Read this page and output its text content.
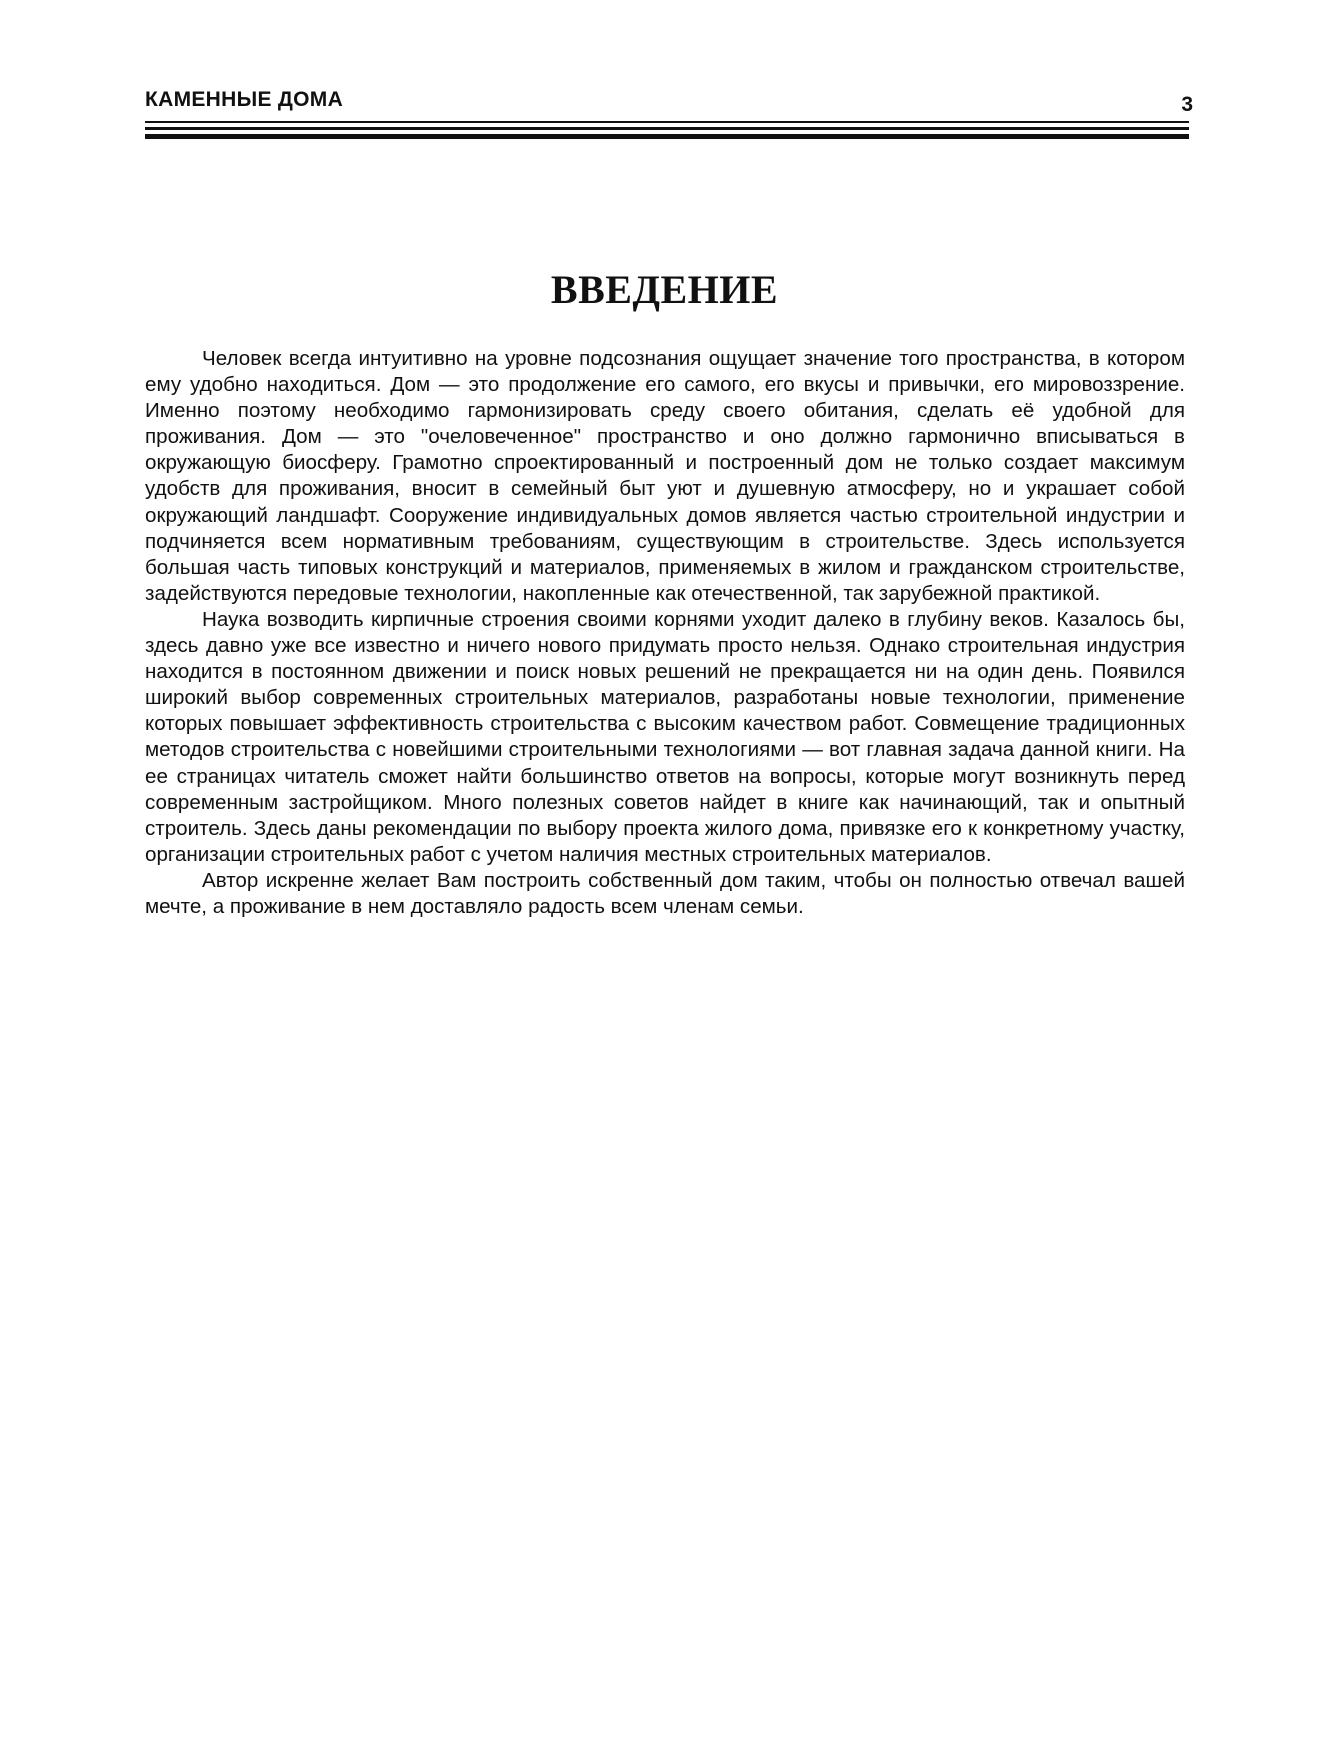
КАМЕННЫЕ ДОМА	3
ВВЕДЕНИЕ

Человек всегда интуитивно на уровне подсознания ощущает значение того пространства, в котором ему удобно находиться. Дом — это продолжение его самого, его вкусы и привычки, его мировоззрение. Именно поэтому необходимо гармонизировать среду своего обитания, сделать её удобной для проживания. Дом — это "очеловеченное" пространство и оно должно гармонично вписываться в окружающую биосферу. Грамотно спроектированный и построенный дом не только создает максимум удобств для проживания, вносит в семейный быт уют и душевную атмосферу, но и украшает собой окружающий ландшафт. Сооружение индивидуальных домов является частью строительной индустрии и подчиняется всем нормативным требованиям, существующим в строительстве. Здесь используется большая часть типовых конструкций и материалов, применяемых в жилом и гражданском строительстве, задействуются передовые технологии, накопленные как отечественной, так зарубежной практикой.

Наука возводить кирпичные строения своими корнями уходит далеко в глубину веков. Казалось бы, здесь давно уже все известно и ничего нового придумать просто нельзя. Однако строительная индустрия находится в постоянном движении и поиск новых решений не прекращается ни на один день. Появился широкий выбор современных строительных материалов, разработаны новые технологии, применение которых повышает эффективность строительства с высоким качеством работ. Совмещение традиционных методов строительства с новейшими строительными технологиями — вот главная задача данной книги. На ее страницах читатель сможет найти большинство ответов на вопросы, которые могут возникнуть перед современным застройщиком. Много полезных советов найдет в книге как начинающий, так и опытный строитель. Здесь даны рекомендации по выбору проекта жилого дома, привязке его к конкретному участку, организации строительных работ с учетом наличия местных строительных материалов.

Автор искренне желает Вам построить собственный дом таким, чтобы он полностью отвечал вашей мечте, а проживание в нем доставляло радость всем членам семьи.
